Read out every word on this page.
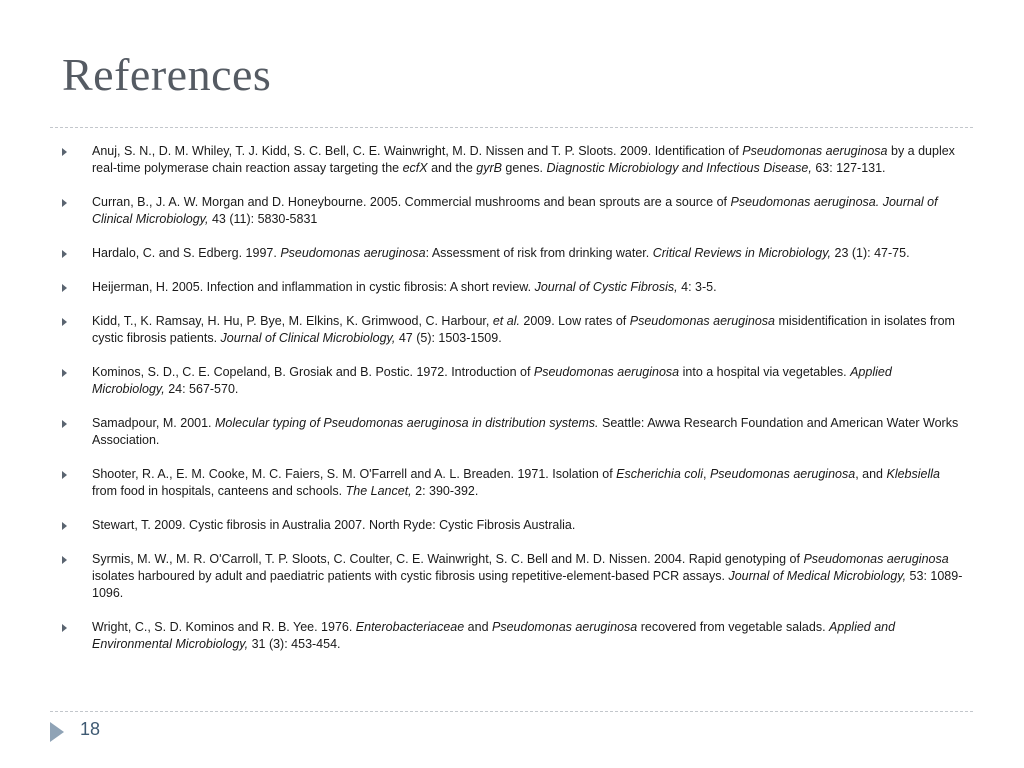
References
Anuj, S. N., D. M. Whiley, T. J. Kidd, S. C. Bell, C. E. Wainwright, M. D. Nissen and T. P. Sloots. 2009. Identification of Pseudomonas aeruginosa by a duplex real-time polymerase chain reaction assay targeting the ecfX and the gyrB genes. Diagnostic Microbiology and Infectious Disease, 63: 127-131.
Curran, B., J. A. W. Morgan and D. Honeybourne. 2005. Commercial mushrooms and bean sprouts are a source of Pseudomonas aeruginosa. Journal of Clinical Microbiology, 43 (11): 5830-5831
Hardalo, C. and S. Edberg. 1997. Pseudomonas aeruginosa: Assessment of risk from drinking water. Critical Reviews in Microbiology, 23 (1): 47-75.
Heijerman, H. 2005. Infection and inflammation in cystic fibrosis: A short review. Journal of Cystic Fibrosis, 4: 3-5.
Kidd, T., K. Ramsay, H. Hu, P. Bye, M. Elkins, K. Grimwood, C. Harbour, et al. 2009. Low rates of Pseudomonas aeruginosa misidentification in isolates from cystic fibrosis patients. Journal of Clinical Microbiology, 47 (5): 1503-1509.
Kominos, S. D., C. E. Copeland, B. Grosiak and B. Postic. 1972. Introduction of Pseudomonas aeruginosa into a hospital via vegetables. Applied Microbiology, 24: 567-570.
Samadpour, M. 2001. Molecular typing of Pseudomonas aeruginosa in distribution systems. Seattle: Awwa Research Foundation and American Water Works Association.
Shooter, R. A., E. M. Cooke, M. C. Faiers, S. M. O'Farrell and A. L. Breaden. 1971. Isolation of Escherichia coli, Pseudomonas aeruginosa, and Klebsiella from food in hospitals, canteens and schools. The Lancet, 2: 390-392.
Stewart, T. 2009. Cystic fibrosis in Australia 2007. North Ryde: Cystic Fibrosis Australia.
Syrmis, M. W., M. R. O'Carroll, T. P. Sloots, C. Coulter, C. E. Wainwright, S. C. Bell and M. D. Nissen. 2004. Rapid genotyping of Pseudomonas aeruginosa isolates harboured by adult and paediatric patients with cystic fibrosis using repetitive-element-based PCR assays. Journal of Medical Microbiology, 53: 1089-1096.
Wright, C., S. D. Kominos and R. B. Yee. 1976. Enterobacteriaceae and Pseudomonas aeruginosa recovered from vegetable salads. Applied and Environmental Microbiology, 31 (3): 453-454.
18
